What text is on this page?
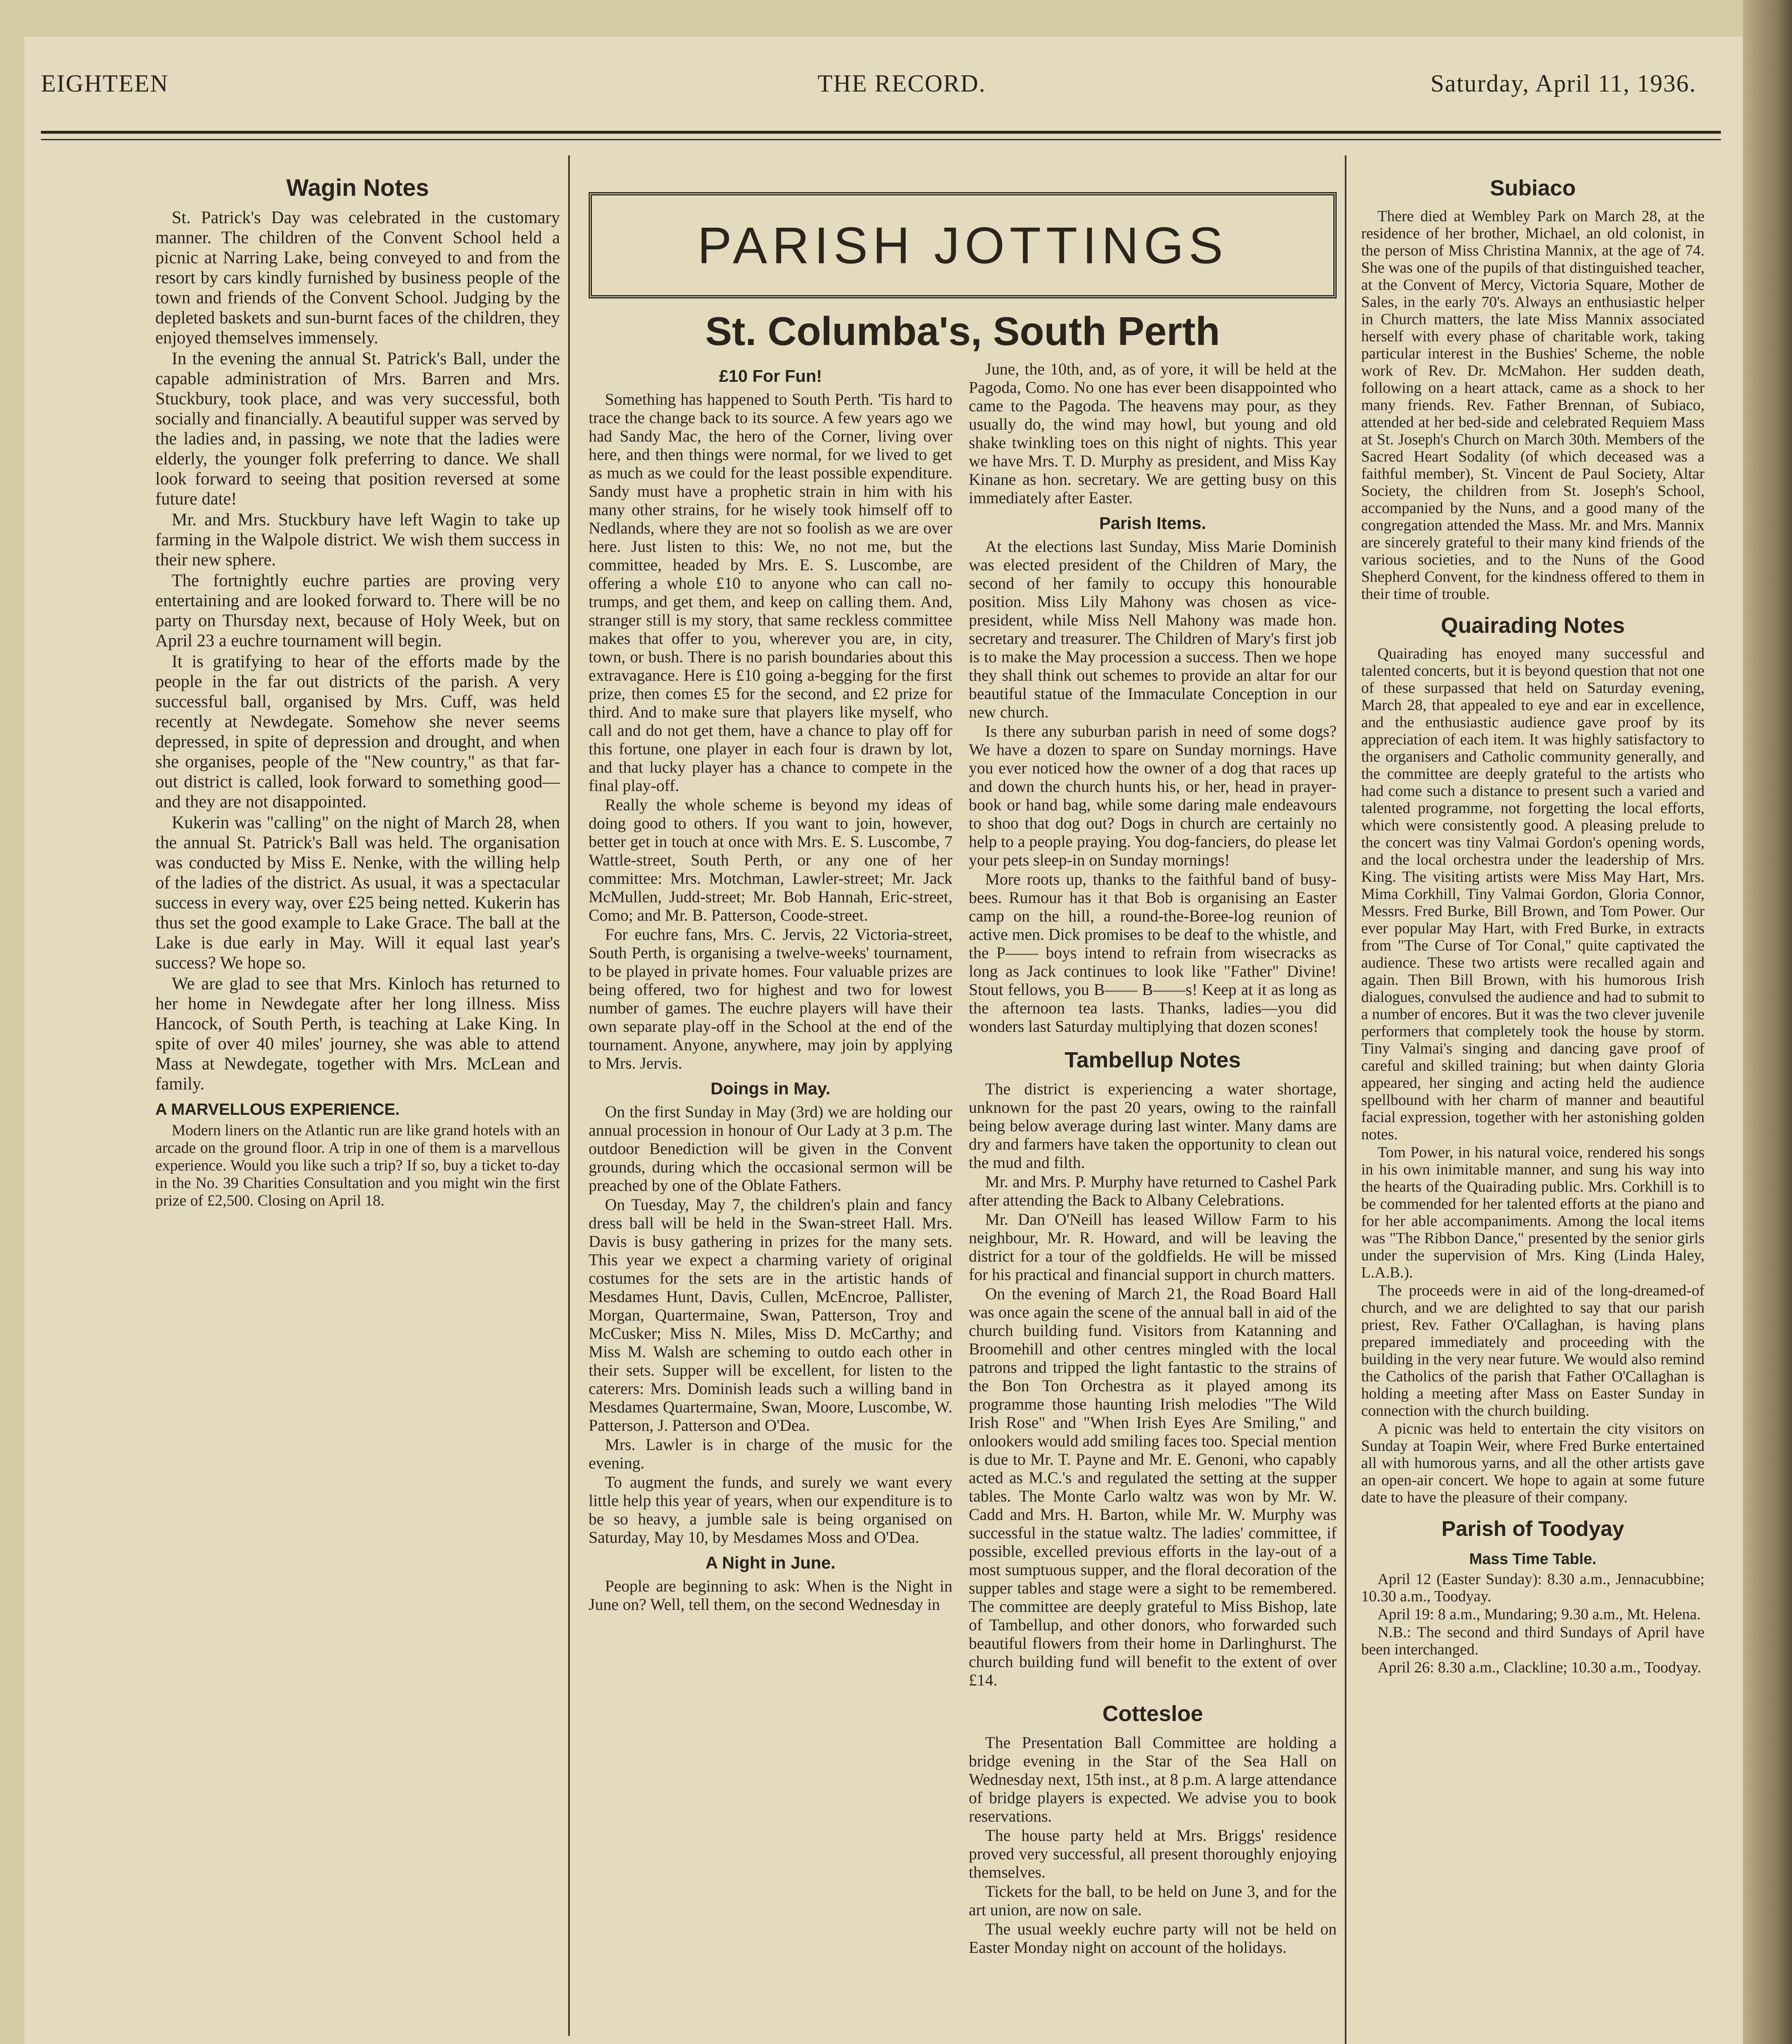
EIGHTEEN	THE RECORD.	Saturday, April 11, 1936.
Wagin Notes

St. Patrick's Day was celebrated in the customary manner. The children of the Convent School held a picnic at Narring Lake, being conveyed to and from the resort by cars kindly furnished by business people of the town and friends of the Convent School. Judging by the depleted baskets and sun-burnt faces of the children, they enjoyed themselves immensely.

In the evening the annual St. Patrick's Ball, under the capable administration of Mrs. Barren and Mrs. Stuckbury, took place, and was very successful, both socially and financially. A beautiful supper was served by the ladies and, in passing, we note that the ladies were elderly, the younger folk preferring to dance. We shall look forward to seeing that position reversed at some future date!

Mr. and Mrs. Stuckbury have left Wagin to take up farming in the Walpole district. We wish them success in their new sphere.

The fortnightly euchre parties are proving very entertaining and are looked forward to. There will be no party on Thursday next, because of Holy Week, but on April 23 a euchre tournament will begin.

It is gratifying to hear of the efforts made by the people in the far out districts of the parish. A very successful ball, organised by Mrs. Cuff, was held recently at Newdegate. Somehow she never seems depressed, in spite of depression and drought, and when she organises, people of the "New country," as that far-out district is called, look forward to something good—and they are not disappointed.

Kukerin was "calling" on the night of March 28, when the annual St. Patrick's Ball was held. The organisation was conducted by Miss E. Nenke, with the willing help of the ladies of the district. As usual, it was a spectacular success in every way, over £25 being netted. Kukerin has thus set the good example to Lake Grace. The ball at the Lake is due early in May. Will it equal last year's success? We hope so.

We are glad to see that Mrs. Kinloch has returned to her home in Newdegate after her long illness. Miss Hancock, of South Perth, is teaching at Lake King. In spite of over 40 miles' journey, she was able to attend Mass at Newdegate, together with Mrs. McLean and family.

A MARVELLOUS EXPERIENCE.

Modern liners on the Atlantic run are like grand hotels with an arcade on the ground floor. A trip in one of them is a marvellous experience. Would you like such a trip? If so, buy a ticket to-day in the No. 39 Charities Consultation and you might win the first prize of £2,500. Closing on April 18.

PARISH JOTTINGS
St. Columba's, South Perth
£10 For Fun!

Something has happened to South Perth. 'Tis hard to trace the change back to its source. A few years ago we had Sandy Mac, the hero of the Corner, living over here, and then things were normal, for we lived to get as much as we could for the least possible expenditure. Sandy must have a prophetic strain in him with his many other strains, for he wisely took himself off to Nedlands, where they are not so foolish as we are over here. Just listen to this: We, no not me, but the committee, headed by Mrs. E. S. Luscombe, are offering a whole £10 to anyone who can call no-trumps, and get them, and keep on calling them. And, stranger still is my story, that same reckless committee makes that offer to you, wherever you are, in city, town, or bush. There is no parish boundaries about this extravagance. Here is £10 going a-begging for the first prize, then comes £5 for the second, and £2 prize for third. And to make sure that players like myself, who call and do not get them, have a chance to play off for this fortune, one player in each four is drawn by lot, and that lucky player has a chance to compete in the final play-off.

Really the whole scheme is beyond my ideas of doing good to others. If you want to join, however, better get in touch at once with Mrs. E. S. Luscombe, 7 Wattle-street, South Perth, or any one of her committee: Mrs. Motchman, Lawler-street; Mr. Jack McMullen, Judd-street; Mr. Bob Hannah, Eric-street, Como; and Mr. B. Patterson, Coode-street.

For euchre fans, Mrs. C. Jervis, 22 Victoria-street, South Perth, is organising a twelve-weeks' tournament, to be played in private homes. Four valuable prizes are being offered, two for highest and two for lowest number of games. The euchre players will have their own separate play-off in the School at the end of the tournament. Anyone, anywhere, may join by applying to Mrs. Jervis.

Doings in May.

On the first Sunday in May (3rd) we are holding our annual procession in honour of Our Lady at 3 p.m. The outdoor Benediction will be given in the Convent grounds, during which the occasional sermon will be preached by one of the Oblate Fathers.

On Tuesday, May 7, the children's plain and fancy dress ball will be held in the Swan-street Hall. Mrs. Davis is busy gathering in prizes for the many sets. This year we expect a charming variety of original costumes for the sets are in the artistic hands of Mesdames Hunt, Davis, Cullen, McEncroe, Pallister, Morgan, Quartermaine, Swan, Patterson, Troy and McCusker; Miss N. Miles, Miss D. McCarthy; and Miss M. Walsh are scheming to outdo each other in their sets. Supper will be excellent, for listen to the caterers: Mrs. Dominish leads such a willing band in Mesdames Quartermaine, Swan, Moore, Luscombe, W. Patterson, J. Patterson and O'Dea.

Mrs. Lawler is in charge of the music for the evening.

To augment the funds, and surely we want every little help this year of years, when our expenditure is to be so heavy, a jumble sale is being organised on Saturday, May 10, by Mesdames Moss and O'Dea.

A Night in June.

People are beginning to ask: When is the Night in June on? Well, tell them, on the second Wednesday in

June, the 10th, and, as of yore, it will be held at the Pagoda, Como. No one has ever been disappointed who came to the Pagoda. The heavens may pour, as they usually do, the wind may howl, but young and old shake twinkling toes on this night of nights. This year we have Mrs. T. D. Murphy as president, and Miss Kay Kinane as hon. secretary. We are getting busy on this immediately after Easter.

Parish Items.

At the elections last Sunday, Miss Marie Dominish was elected president of the Children of Mary, the second of her family to occupy this honourable position. Miss Lily Mahony was chosen as vice-president, while Miss Nell Mahony was made hon. secretary and treasurer. The Children of Mary's first job is to make the May procession a success. Then we hope they shall think out schemes to provide an altar for our beautiful statue of the Immaculate Conception in our new church.

Is there any suburban parish in need of some dogs? We have a dozen to spare on Sunday mornings. Have you ever noticed how the owner of a dog that races up and down the church hunts his, or her, head in prayer-book or hand bag, while some daring male endeavours to shoo that dog out? Dogs in church are certainly no help to a people praying. You dog-fanciers, do please let your pets sleep-in on Sunday mornings!

More roots up, thanks to the faithful band of busy-bees. Rumour has it that Bob is organising an Easter camp on the hill, a round-the-Boree-log reunion of active men. Dick promises to be deaf to the whistle, and the P—— boys intend to refrain from wisecracks as long as Jack continues to look like "Father" Divine! Stout fellows, you B—— B——s! Keep at it as long as the afternoon tea lasts. Thanks, ladies—you did wonders last Saturday multiplying that dozen scones!

Tambellup Notes

The district is experiencing a water shortage, unknown for the past 20 years, owing to the rainfall being below average during last winter. Many dams are dry and farmers have taken the opportunity to clean out the mud and filth.

Mr. and Mrs. P. Murphy have returned to Cashel Park after attending the Back to Albany Celebrations.

Mr. Dan O'Neill has leased Willow Farm to his neighbour, Mr. R. Howard, and will be leaving the district for a tour of the goldfields. He will be missed for his practical and financial support in church matters.

On the evening of March 21, the Road Board Hall was once again the scene of the annual ball in aid of the church building fund. Visitors from Katanning and Broomehill and other centres mingled with the local patrons and tripped the light fantastic to the strains of the Bon Ton Orchestra as it played among its programme those haunting Irish melodies "The Wild Irish Rose" and "When Irish Eyes Are Smiling," and onlookers would add smiling faces too. Special mention is due to Mr. T. Payne and Mr. E. Genoni, who capably acted as M.C.'s and regulated the setting at the supper tables. The Monte Carlo waltz was won by Mr. W. Cadd and Mrs. H. Barton, while Mr. W. Murphy was successful in the statue waltz. The ladies' committee, if possible, excelled previous efforts in the lay-out of a most sumptuous supper, and the floral decoration of the supper tables and stage were a sight to be remembered. The committee are deeply grateful to Miss Bishop, late of Tambellup, and other donors, who forwarded such beautiful flowers from their home in Darlinghurst. The church building fund will benefit to the extent of over £14.

Cottesloe

The Presentation Ball Committee are holding a bridge evening in the Star of the Sea Hall on Wednesday next, 15th inst., at 8 p.m. A large attendance of bridge players is expected. We advise you to book reservations.

The house party held at Mrs. Briggs' residence proved very successful, all present thoroughly enjoying themselves.

Tickets for the ball, to be held on June 3, and for the art union, are now on sale.

The usual weekly euchre party will not be held on Easter Monday night on account of the holidays.

Subiaco

There died at Wembley Park on March 28, at the residence of her brother, Michael, an old colonist, in the person of Miss Christina Mannix, at the age of 74. She was one of the pupils of that distinguished teacher, at the Convent of Mercy, Victoria Square, Mother de Sales, in the early 70's. Always an enthusiastic helper in Church matters, the late Miss Mannix associated herself with every phase of charitable work, taking particular interest in the Bushies' Scheme, the noble work of Rev. Dr. McMahon. Her sudden death, following on a heart attack, came as a shock to her many friends. Rev. Father Brennan, of Subiaco, attended at her bed-side and celebrated Requiem Mass at St. Joseph's Church on March 30th. Members of the Sacred Heart Sodality (of which deceased was a faithful member), St. Vincent de Paul Society, Altar Society, the children from St. Joseph's School, accompanied by the Nuns, and a good many of the congregation attended the Mass. Mr. and Mrs. Mannix are sincerely grateful to their many kind friends of the various societies, and to the Nuns of the Good Shepherd Convent, for the kindness offered to them in their time of trouble.

Quairading Notes

Quairading has enoyed many successful and talented concerts, but it is beyond question that not one of these surpassed that held on Saturday evening, March 28, that appealed to eye and ear in excellence, and the enthusiastic audience gave proof by its appreciation of each item. It was highly satisfactory to the organisers and Catholic community generally, and the committee are deeply grateful to the artists who had come such a distance to present such a varied and talented programme, not forgetting the local efforts, which were consistently good. A pleasing prelude to the concert was tiny Valmai Gordon's opening words, and the local orchestra under the leadership of Mrs. King. The visiting artists were Miss May Hart, Mrs. Mima Corkhill, Tiny Valmai Gordon, Gloria Connor, Messrs. Fred Burke, Bill Brown, and Tom Power. Our ever popular May Hart, with Fred Burke, in extracts from "The Curse of Tor Conal," quite captivated the audience. These two artists were recalled again and again. Then Bill Brown, with his humorous Irish dialogues, convulsed the audience and had to submit to a number of encores. But it was the two clever juvenile performers that completely took the house by storm. Tiny Valmai's singing and dancing gave proof of careful and skilled training; but when dainty Gloria appeared, her singing and acting held the audience spellbound with her charm of manner and beautiful facial expression, together with her astonishing golden notes.

Tom Power, in his natural voice, rendered his songs in his own inimitable manner, and sung his way into the hearts of the Quairading public. Mrs. Corkhill is to be commended for her talented efforts at the piano and for her able accompaniments. Among the local items was "The Ribbon Dance," presented by the senior girls under the supervision of Mrs. King (Linda Haley, L.A.B.).

The proceeds were in aid of the long-dreamed-of church, and we are delighted to say that our parish priest, Rev. Father O'Callaghan, is having plans prepared immediately and proceeding with the building in the very near future. We would also remind the Catholics of the parish that Father O'Callaghan is holding a meeting after Mass on Easter Sunday in connection with the church building.

A picnic was held to entertain the city visitors on Sunday at Toapin Weir, where Fred Burke entertained all with humorous yarns, and all the other artists gave an open-air concert. We hope to again at some future date to have the pleasure of their company.

Parish of Toodyay
Mass Time Table.

April 12 (Easter Sunday): 8.30 a.m., Jennacubbine; 10.30 a.m., Toodyay.

April 19: 8 a.m., Mundaring; 9.30 a.m., Mt. Helena.

N.B.: The second and third Sundays of April have been interchanged.

April 26: 8.30 a.m., Clackline; 10.30 a.m., Toodyay.
